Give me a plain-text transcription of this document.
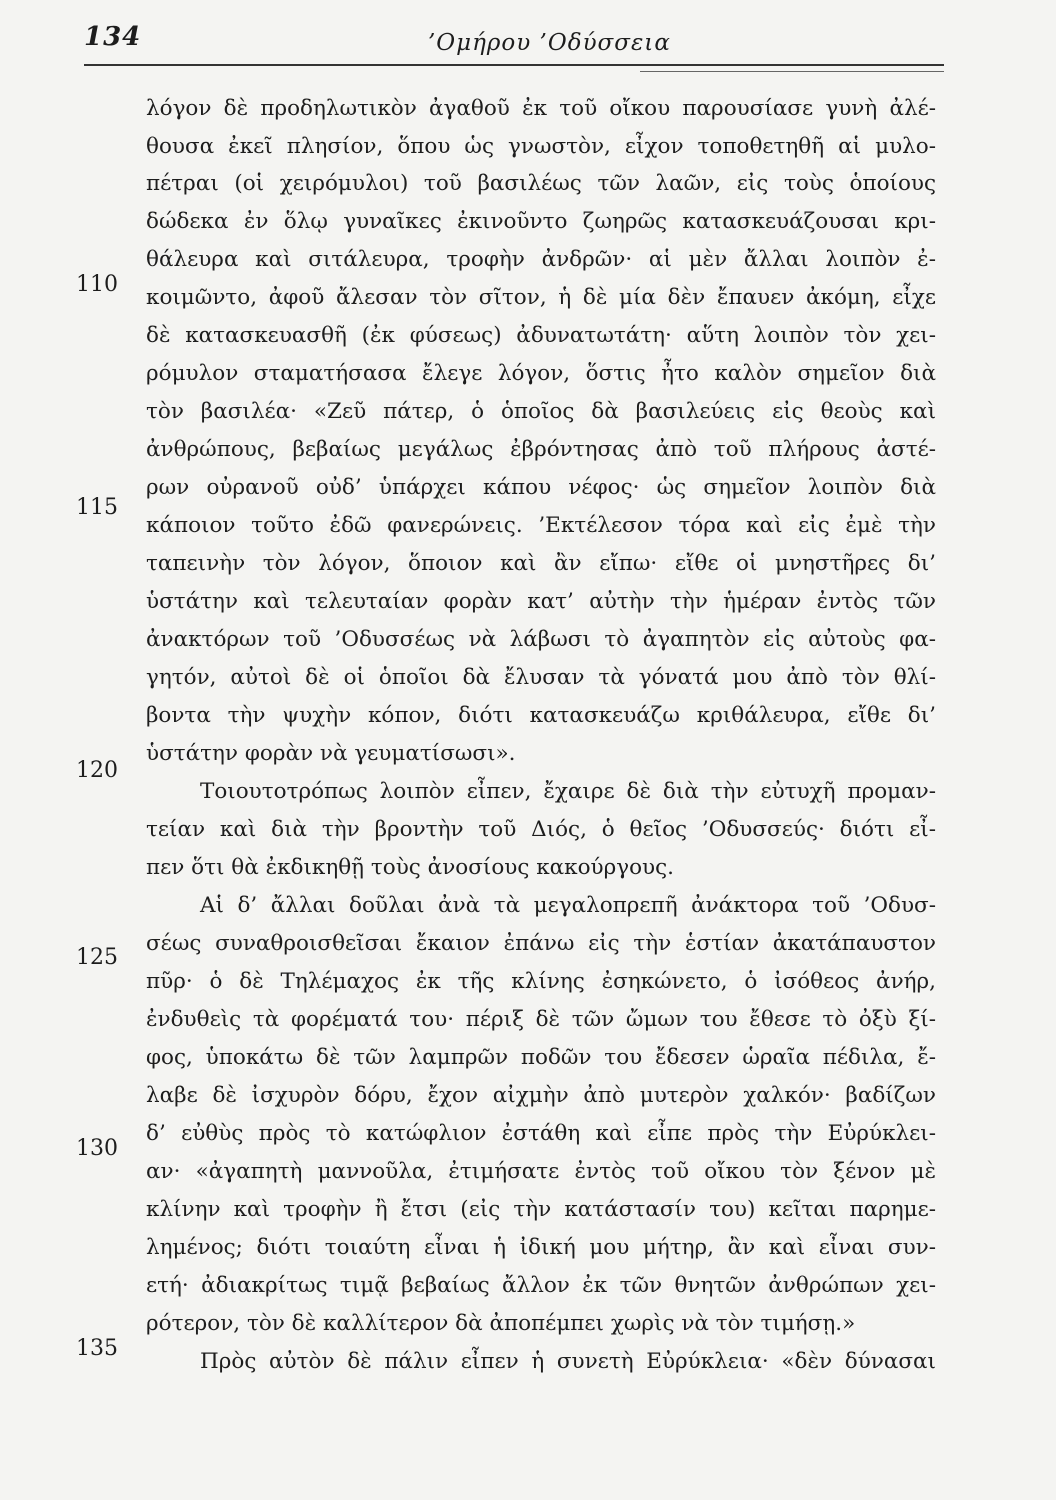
134	’Ομήρου ’Οδύσσεια
110
115
120
125
130
135
λόγον δὲ προδηλωτικὸν ἀγαθοῦ ἐκ τοῦ οἴκου παρουσίασε γυνὴ ἀλέ-
θουσα ἐκεῖ πλησίον, ὅπου ὡς γνωστὸν, εἶχον τοποθετηθῆ αἱ μυλο-
πέτραι (οἱ χειρόμυλοι) τοῦ βασιλέως τῶν λαῶν, εἰς τοὺς ὁποίους
δώδεκα ἐν ὅλῳ γυναῖκες ἐκινοῦντο ζωηρῶς κατασκευάζουσαι κρι-
θάλευρα καὶ σιτάλευρα, τροφὴν ἀνδρῶν· αἱ μὲν ἄλλαι λοιπὸν ἐ-
κοιμῶντο, ἀφοῦ ἄλεσαν τὸν σῖτον, ἡ δὲ μία δὲν ἔπαυεν ἀκόμη, εἶχε
δὲ κατασκευασθῆ (ἐκ φύσεως) ἀδυνατωτάτη· αὕτη λοιπὸν τὸν χει-
ρόμυλον σταματήσασα ἔλεγε λόγον, ὅστις ἦτο καλὸν σημεῖον διὰ
τὸν βασιλέα· «Ζεῦ πάτερ, ὁ ὁποῖος δὰ βασιλεύεις εἰς θεοὺς καὶ
ἀνθρώπους, βεβαίως μεγάλως ἐβρόντησας ἀπὸ τοῦ πλήρους ἀστέ-
ρων οὐρανοῦ οὐδ’ ὑπάρχει κάπου νέφος· ὡς σημεῖον λοιπὸν διὰ
κάποιον τοῦτο ἐδῶ φανερώνεις. ’Εκτέλεσον τόρα καὶ εἰς ἐμὲ τὴν
ταπεινὴν τὸν λόγον, ὅποιον καὶ ἂν εἴπω· εἴθε οἱ μνηστῆρες δι’
ὑστάτην καὶ τελευταίαν φορὰν κατ’ αὐτὴν τὴν ἡμέραν ἐντὸς τῶν
ἀνακτόρων τοῦ ’Οδυσσέως νὰ λάβωσι τὸ ἀγαπητὸν εἰς αὐτοὺς φα-
γητόν, αὐτοὶ δὲ οἱ ὁποῖοι δὰ ἔλυσαν τὰ γόνατά μου ἀπὸ τὸν θλί-
βοντα τὴν ψυχὴν κόπον, διότι κατασκευάζω κριθάλευρα, εἴθε δι’
ὑστάτην φορὰν νὰ γευματίσωσι».
Τοιουτοτρόπως λοιπὸν εἶπεν, ἔχαιρε δὲ διὰ τὴν εὐτυχῆ προμαν-
τείαν καὶ διὰ τὴν βροντὴν τοῦ Διός, ὁ θεῖος ’Οδυσσεύς· διότι εἶ-
πεν ὅτι θὰ ἐκδικηθῇ τοὺς ἀνοσίους κακούργους.
Αἱ δ’ ἄλλαι δοῦλαι ἀνὰ τὰ μεγαλοπρεπῆ ἀνάκτορα τοῦ ’Οδυσ-
σέως συναθροισθεῖσαι ἔκαιον ἐπάνω εἰς τὴν ἑστίαν ἀκατάπαυστον
πῦρ· ὁ δὲ Τηλέμαχος ἐκ τῆς κλίνης ἐσηκώνετο, ὁ ἰσόθεος ἀνήρ,
ἐνδυθεὶς τὰ φορέματά του· πέριξ δὲ τῶν ὤμων του ἔθεσε τὸ ὀξὺ ξί-
φος, ὑποκάτω δὲ τῶν λαμπρῶν ποδῶν του ἔδεσεν ὡραῖα πέδιλα, ἔ-
λαβε δὲ ἰσχυρὸν δόρυ, ἔχον αἰχμὴν ἀπὸ μυτερὸν χαλκόν· βαδίζων
δ’ εὐθὺς πρὸς τὸ κατώφλιον ἐστάθη καὶ εἶπε πρὸς τὴν Εὐρύκλει-
αν· «ἀγαπητὴ μαννοῦλα, ἐτιμήσατε ἐντὸς τοῦ οἴκου τὸν ξένον μὲ
κλίνην καὶ τροφὴν ἢ ἔτσι (εἰς τὴν κατάστασίν του) κεῖται παρημε-
λημένος; διότι τοιαύτη εἶναι ἡ ἰδική μου μήτηρ, ἂν καὶ εἶναι συν-
ετή· ἀδιακρίτως τιμᾷ βεβαίως ἄλλον ἐκ τῶν θνητῶν ἀνθρώπων χει-
ρότερον, τὸν δὲ καλλίτερον δὰ ἀποπέμπει χωρὶς νὰ τὸν τιμήσῃ.»
Πρὸς αὐτὸν δὲ πάλιν εἶπεν ἡ συνετὴ Εὐρύκλεια· «δὲν δύνασαι
